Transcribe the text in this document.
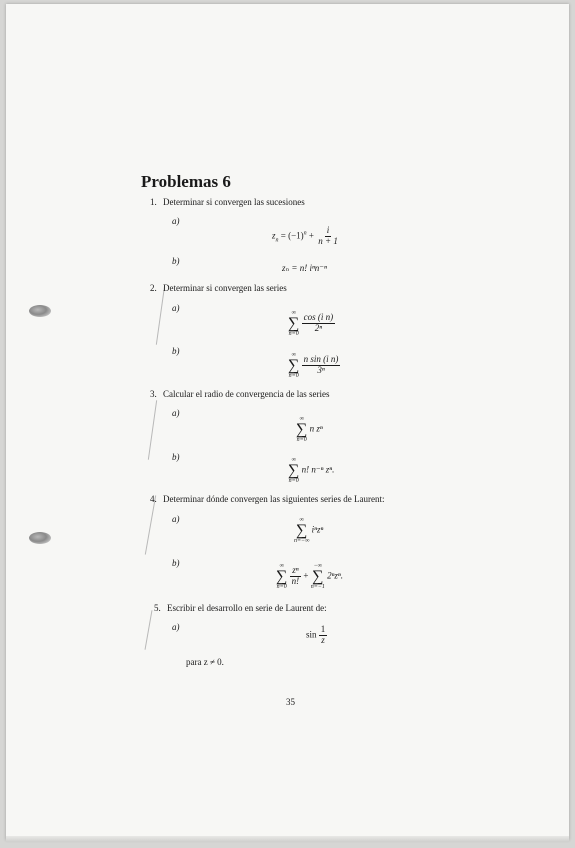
Problemas 6
1. Determinar si convergen las sucesiones
a)
$z_n = (-1)^n + \frac{i}{n + 1}$
b)
zₙ = n! iⁿn⁻ⁿ
2. Determinar si convergen las series
a)	∞
∑
n=0

$\frac{\text{cos (i n)}}{\text{2ⁿ}}$
b)	∞
∑
n=0

$\frac{\text{n sin (i n)}}{\text{3ⁿ}}$
3. Calcular el radio de convergencia de las series
a)
∞
∑
n=0
n zⁿ
b)	∞
∑
n=0
n! n⁻ⁿ zⁿ.
4. Determinar dónde convergen las siguientes series de Laurent:
a)	∞
∑
n=−∞
iⁿzⁿ
b)	∞
∑
n=0

$\frac{\text{zⁿ}}{n!}$ +
−∞
∑
n=−1
2ⁿzⁿ.
5. Escribir el desarrollo en serie de Laurent de:
a)
$\sin \frac{1}{z}$
para z ≠ 0.
35
